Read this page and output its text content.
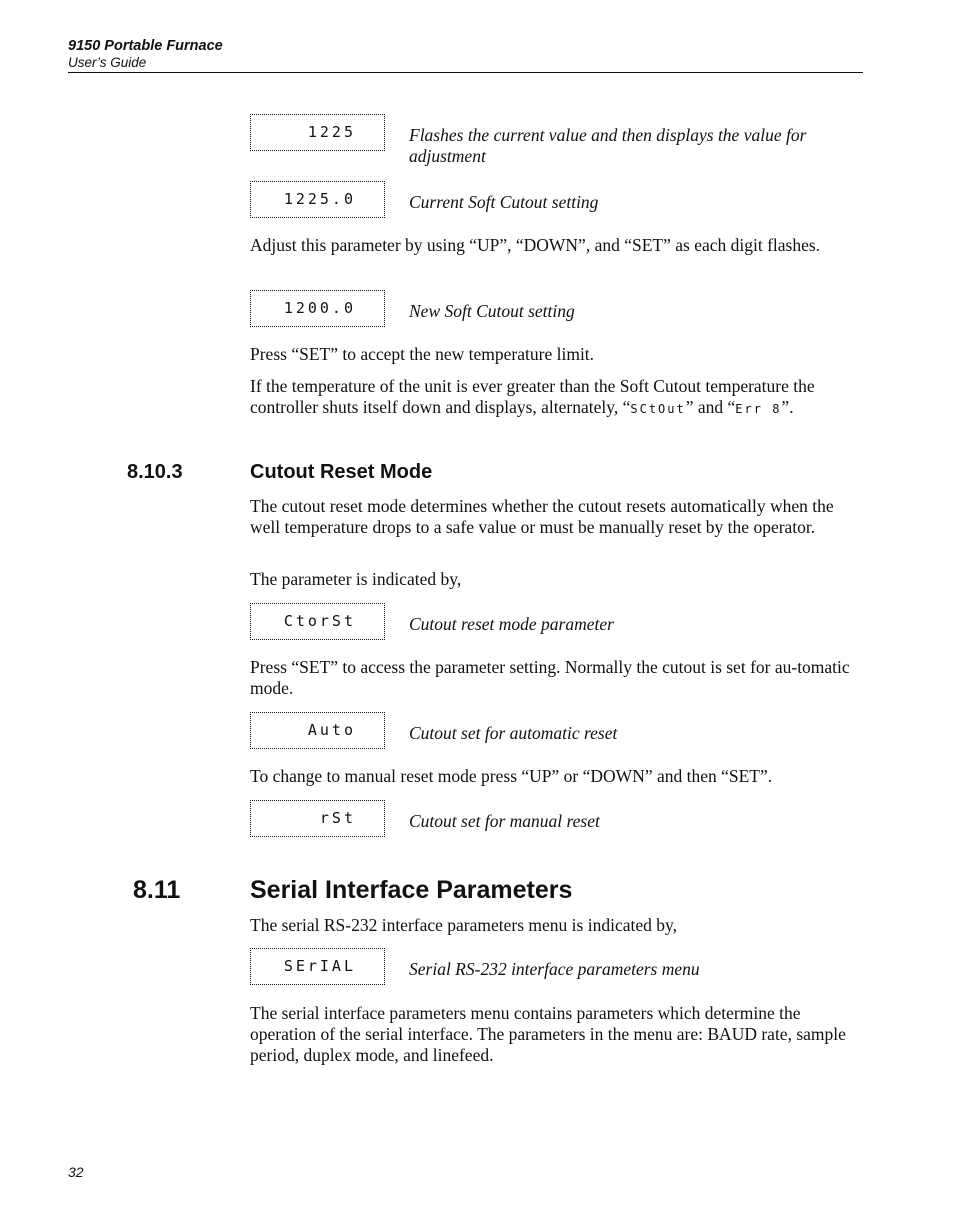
9150 Portable Furnace
User’s Guide
1225	Flashes the current value and then displays the value for adjustment
1225.0	Current Soft Cutout setting
Adjust this parameter by using “UP”, “DOWN”, and “SET” as each digit flashes.
1200.0	New Soft Cutout setting
Press “SET” to accept the new temperature limit.
If the temperature of the unit is ever greater than the Soft Cutout temperature the controller shuts itself down and displays, alternately, “SCtOut” and “Err 8”.
8.10.3	Cutout Reset Mode
The cutout reset mode determines whether the cutout resets automatically when the well temperature drops to a safe value or must be manually reset by the operator.
The parameter is indicated by,
CtorSt	Cutout reset mode parameter
Press “SET” to access the parameter setting. Normally the cutout is set for au-tomatic mode.
Auto	Cutout set for automatic reset
To change to manual reset mode press “UP” or “DOWN” and then “SET”.
rSt	Cutout set for manual reset
8.11	Serial Interface Parameters
The serial RS-232 interface parameters menu is indicated by,
SErIAL	Serial RS-232 interface parameters menu
The serial interface parameters menu contains parameters which determine the operation of the serial interface. The parameters in the menu are: BAUD rate, sample period, duplex mode, and linefeed.
32
